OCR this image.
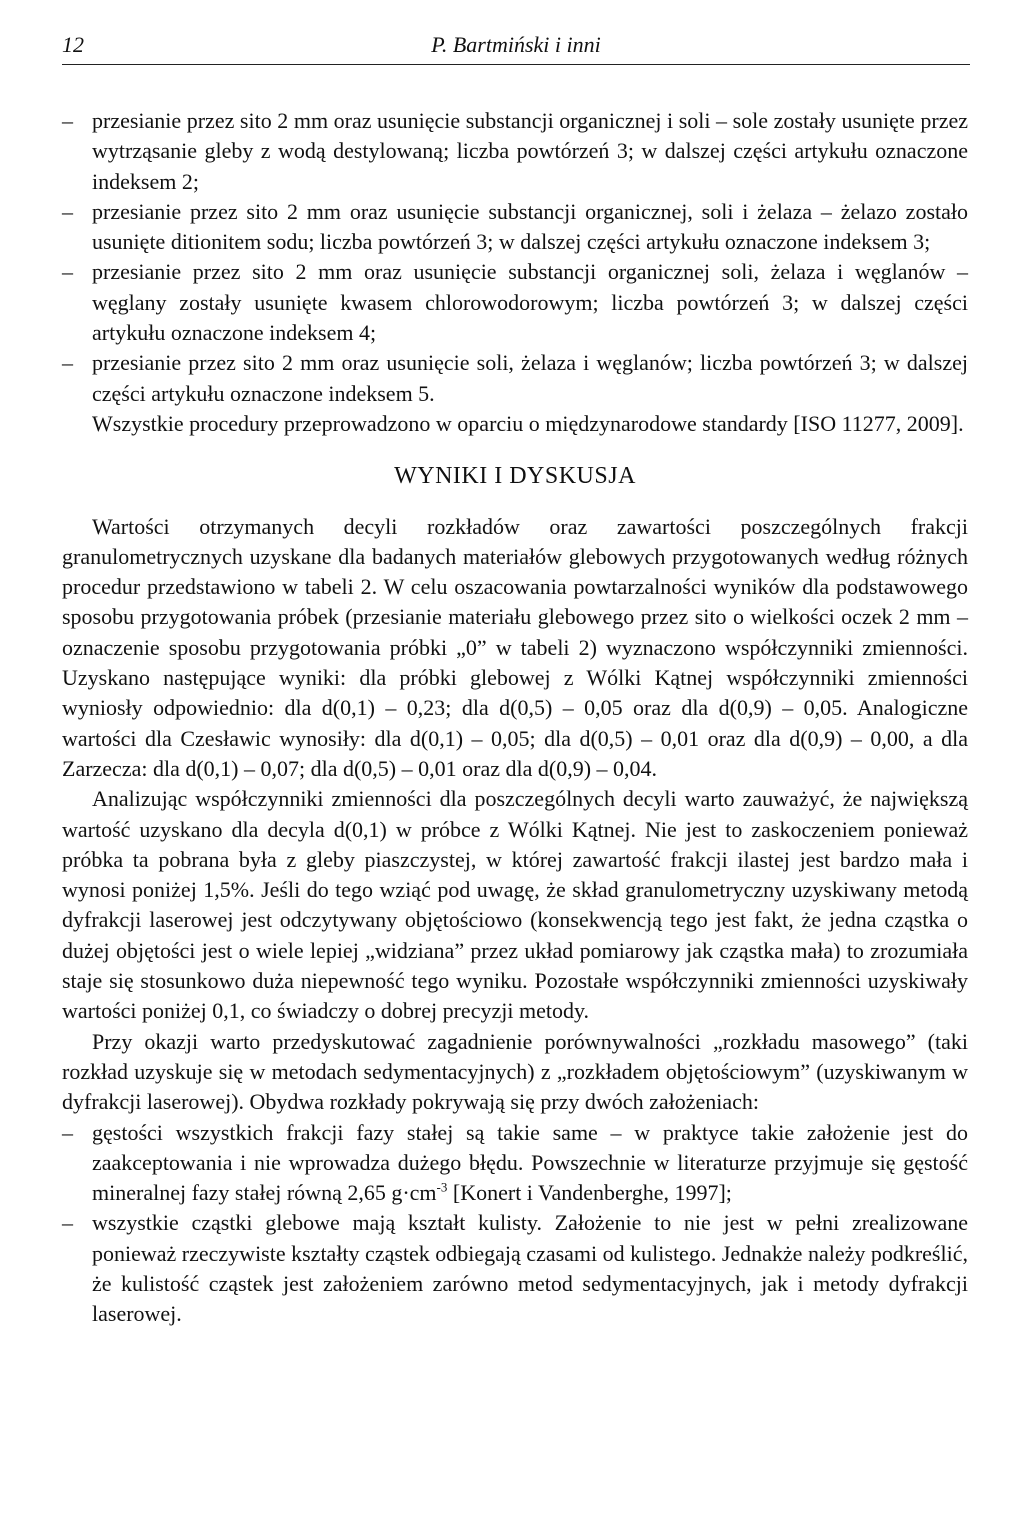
12	P. Bartmiński i inni

– przesianie przez sito 2 mm oraz usunięcie substancji organicznej i soli – sole zostały usunięte przez wytrząsanie gleby z wodą destylowaną; liczba powtórzeń 3; w dalszej części artykułu oznaczone indeksem 2;

– przesianie przez sito 2 mm oraz usunięcie substancji organicznej, soli i żelaza – żelazo zostało usunięte ditionitem sodu; liczba powtórzeń 3; w dalszej części artykułu oznaczone indeksem 3;

– przesianie przez sito 2 mm oraz usunięcie substancji organicznej soli, żelaza i węglanów – węglany zostały usunięte kwasem chlorowodorowym; liczba powtórzeń 3; w dalszej części artykułu oznaczone indeksem 4;

– przesianie przez sito 2 mm oraz usunięcie soli, żelaza i węglanów; liczba powtórzeń 3; w dalszej części artykułu oznaczone indeksem 5.

Wszystkie procedury przeprowadzono w oparciu o międzynarodowe standardy [ISO 11277, 2009].

WYNIKI I DYSKUSJA

Wartości otrzymanych decyli rozkładów oraz zawartości poszczególnych frakcji granulometrycznych uzyskane dla badanych materiałów glebowych przygotowanych według różnych procedur przedstawiono w tabeli 2. W celu oszacowania powtarzalności wyników dla podstawowego sposobu przygotowania próbek (przesianie materiału glebowego przez sito o wielkości oczek 2 mm – oznaczenie sposobu przygotowania próbki „0” w tabeli 2) wyznaczono współczynniki zmienności. Uzyskano następujące wyniki: dla próbki glebowej z Wólki Kątnej współczynniki zmienności wyniosły odpowiednio: dla d(0,1) – 0,23; dla d(0,5) – 0,05 oraz dla d(0,9) – 0,05. Analogiczne wartości dla Czesławic wynosiły: dla d(0,1) – 0,05; dla d(0,5) – 0,01 oraz dla d(0,9) – 0,00, a dla Zarzecza: dla d(0,1) – 0,07; dla d(0,5) – 0,01 oraz dla d(0,9) – 0,04.

Analizując współczynniki zmienności dla poszczególnych decyli warto zauważyć, że największą wartość uzyskano dla decyla d(0,1) w próbce z Wólki Kątnej. Nie jest to zaskoczeniem ponieważ próbka ta pobrana była z gleby piaszczystej, w której zawartość frakcji ilastej jest bardzo mała i wynosi poniżej 1,5%. Jeśli do tego wziąć pod uwagę, że skład granulometryczny uzyskiwany metodą dyfrakcji laserowej jest odczytywany objętościowo (konsekwencją tego jest fakt, że jedna cząstka o dużej objętości jest o wiele lepiej „widziana” przez układ pomiarowy jak cząstka mała) to zrozumiała staje się stosunkowo duża niepewność tego wyniku. Pozostałe współczynniki zmienności uzyskiwały wartości poniżej 0,1, co świadczy o dobrej precyzji metody.

Przy okazji warto przedyskutować zagadnienie porównywalności „rozkładu masowego” (taki rozkład uzyskuje się w metodach sedymentacyjnych) z „rozkładem objętościowym” (uzyskiwanym w dyfrakcji laserowej). Obydwa rozkłady pokrywają się przy dwóch założeniach:

– gęstości wszystkich frakcji fazy stałej są takie same – w praktyce takie założenie jest do zaakceptowania i nie wprowadza dużego błędu. Powszechnie w literaturze przyjmuje się gęstość mineralnej fazy stałej równą 2,65 $g\cdot cm^{-3}$ [Konert i Vandenberghe, 1997];

– wszystkie cząstki glebowe mają kształt kulisty. Założenie to nie jest w pełni zrealizowane ponieważ rzeczywiste kształty cząstek odbiegają czasami od kulistego. Jednakże należy podkreślić, że kulistość cząstek jest założeniem zarówno metod sedymentacyjnych, jak i metody dyfrakcji laserowej.
